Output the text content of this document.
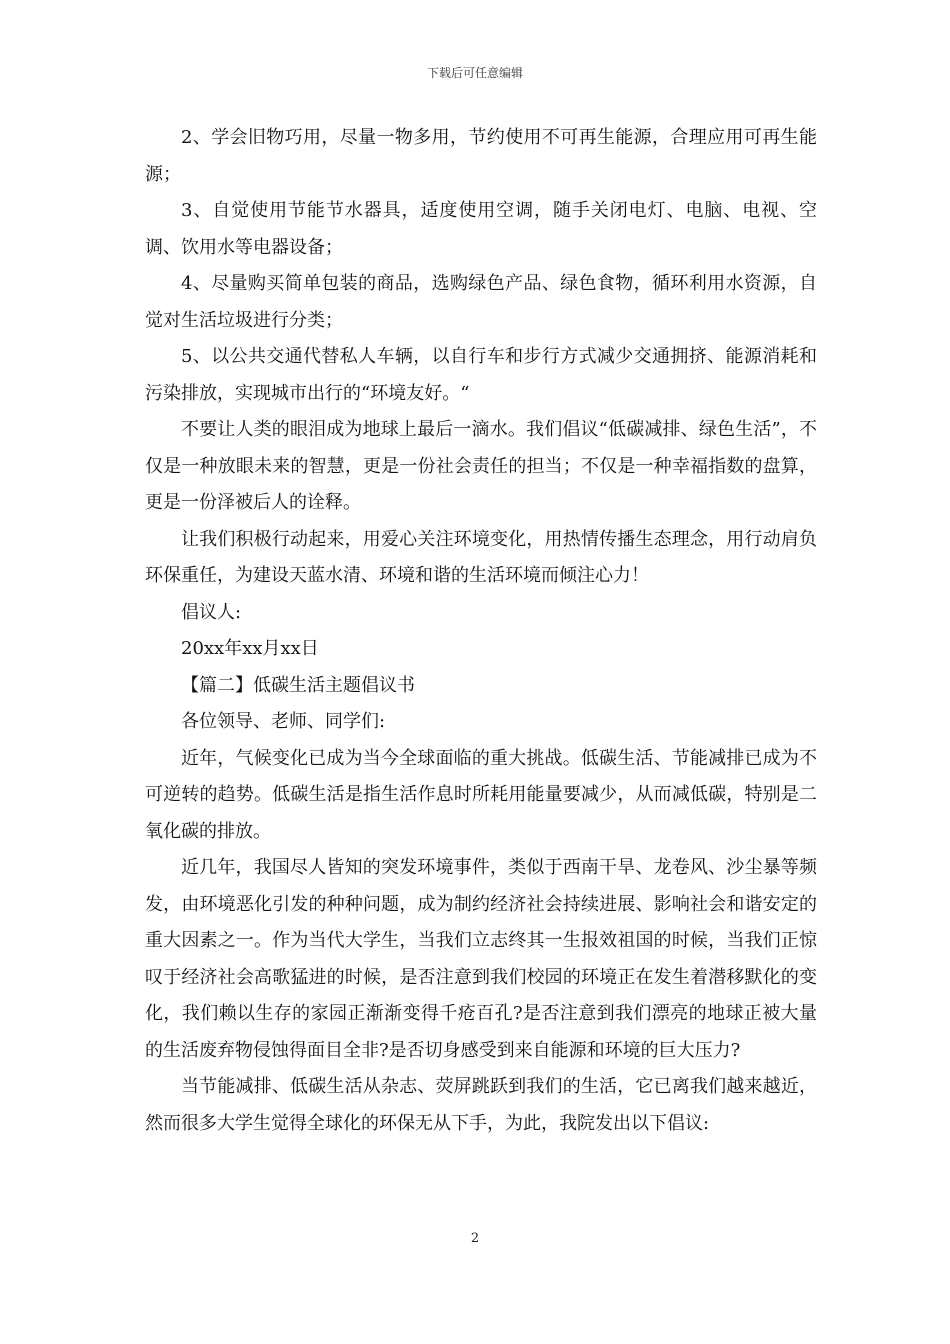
下载后可任意编辑

2、学会旧物巧用，尽量一物多用，节约使用不可再生能源，合理应用可再生能源；

3、自觉使用节能节水器具，适度使用空调，随手关闭电灯、电脑、电视、空调、饮用水等电器设备；

4、尽量购买简单包装的商品，选购绿色产品、绿色食物，循环利用水资源，自觉对生活垃圾进行分类；

5、以公共交通代替私人车辆，以自行车和步行方式减少交通拥挤、能源消耗和污染排放，实现城市出行的“环境友好。“

不要让人类的眼泪成为地球上最后一滴水。我们倡议“低碳减排、绿色生活”，不仅是一种放眼未来的智慧，更是一份社会责任的担当；不仅是一种幸福指数的盘算，更是一份泽被后人的诠释。

让我们积极行动起来，用爱心关注环境变化，用热情传播生态理念，用行动肩负环保重任，为建设天蓝水清、环境和谐的生活环境而倾注心力！

倡议人:

20xx年xx月xx日

【篇二】低碳生活主题倡议书

各位领导、老师、同学们:

近年，气候变化已成为当今全球面临的重大挑战。低碳生活、节能减排已成为不可逆转的趋势。低碳生活是指生活作息时所耗用能量要减少，从而减低碳，特别是二氧化碳的排放。

近几年，我国尽人皆知的突发环境事件，类似于西南干旱、龙卷风、沙尘暴等频发，由环境恶化引发的种种问题，成为制约经济社会持续进展、影响社会和谐安定的重大因素之一。作为当代大学生，当我们立志终其一生报效祖国的时候，当我们正惊叹于经济社会高歌猛进的时候，是否注意到我们校园的环境正在发生着潜移默化的变化，我们赖以生存的家园正渐渐变得千疮百孔?是否注意到我们漂亮的地球正被大量的生活废弃物侵蚀得面目全非?是否切身感受到来自能源和环境的巨大压力?

当节能减排、低碳生活从杂志、荧屏跳跃到我们的生活，它已离我们越来越近，然而很多大学生觉得全球化的环保无从下手，为此，我院发出以下倡议:

2
